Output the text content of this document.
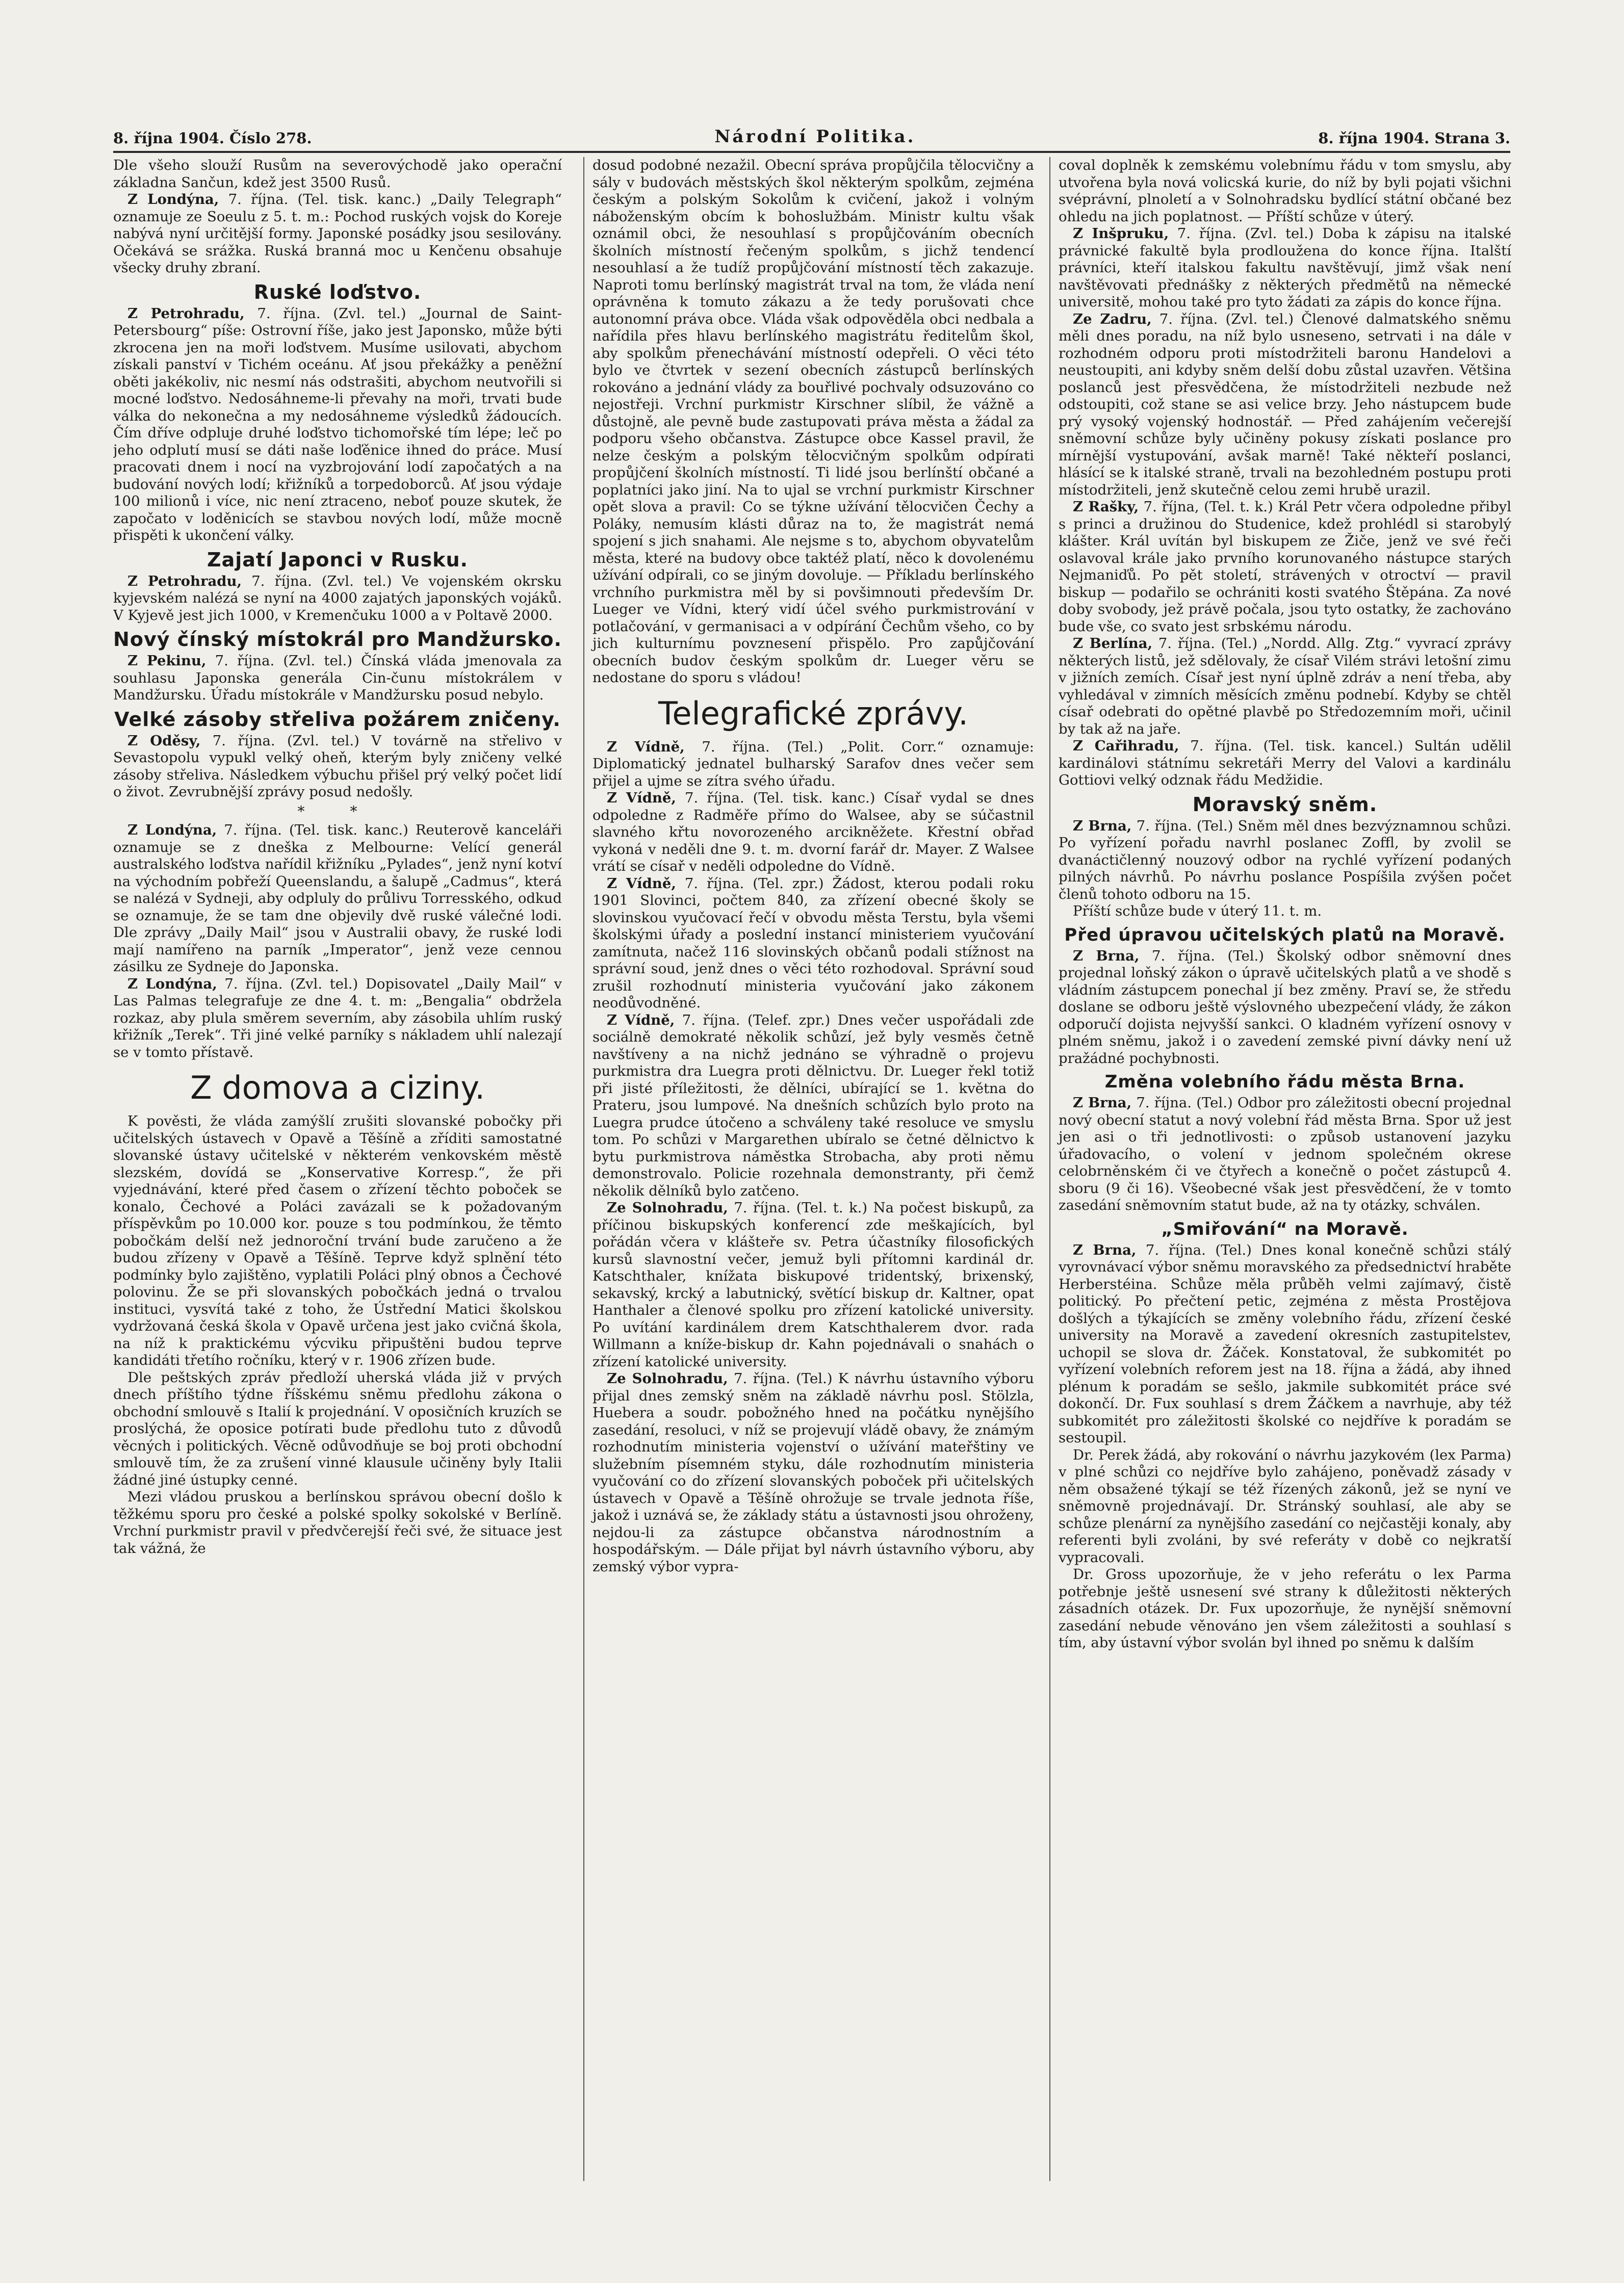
8. října 1904. Číslo 278.	Národní Politika.	8. října 1904. Strana 3.

Dle všeho slouží Rusům na severovýchodě jako operační základna Sančun, kdež jest 3500 Rusů.

Z Londýna, 7. října. (Tel. tisk. kanc.) „Daily Telegraph“ oznamuje ze Soeulu z 5. t. m.: Pochod ruských vojsk do Koreje nabývá nyní určitější formy. Japonské posádky jsou sesilovány. Očekává se srážka. Ruská branná moc u Kenčenu obsahuje všecky druhy zbraní.

Ruské loďstvo.

Z Petrohradu, 7. října. (Zvl. tel.) „Journal de Saint-Petersbourg“ píše: Ostrovní říše, jako jest Japonsko, může býti zkrocena jen na moři loďstvem. Musíme usilovati, abychom získali panství v Tichém oceánu. Ať jsou překážky a peněžní oběti jakékoliv, nic nesmí nás odstrašiti, abychom neutvořili si mocné loďstvo. Nedosáhneme-li převahy na moři, trvati bude válka do nekonečna a my nedosáhneme výsledků žádoucích. Čím dříve odpluje druhé loďstvo tichomořské tím lépe; leč po jeho odplutí musí se dáti naše loďěnice ihned do práce. Musí pracovati dnem i nocí na vyzbrojování lodí započatých a na budování nových lodí; křižníků a torpedoborců. Ať jsou výdaje 100 milionů i více, nic není ztraceno, neboť pouze skutek, že započato v loděnicích se stavbou nových lodí, může mocně přispěti k ukončení války.

Zajatí Japonci v Rusku.

Z Petrohradu, 7. října. (Zvl. tel.) Ve vojenském okrsku kyjevském nalézá se nyní na 4000 zajatých japonských vojáků. V Kyjevě jest jich 1000, v Kremenčuku 1000 a v Poltavě 2000.

Nový čínský místokrál pro Mandžursko.

Z Pekinu, 7. října. (Zvl. tel.) Čínská vláda jmenovala za souhlasu Japonska generála Cin-čunu místokrálem v Mandžursku. Úřadu místokrále v Mandžursku posud nebylo.

Velké zásoby střeliva požárem zničeny.

Z Oděsy, 7. října. (Zvl. tel.) V továrně na střelivo v Sevastopolu vypukl velký oheň, kterým byly zničeny velké zásoby střeliva. Následkem výbuchu přišel prý velký počet lidí o život. Zevrubnější zprávy posud nedošly.

* *

Z Londýna, 7. října. (Tel. tisk. kanc.) Reuterově kanceláři oznamuje se z dneška z Melbourne: Velící generál australského loďstva nařídil křižníku „Pylades“, jenž nyní kotví na východním pobřeží Queenslandu, a šalupě „Cadmus“, která se nalézá v Sydneji, aby odpluly do průlivu Torresského, odkud se oznamuje, že se tam dne objevily dvě ruské válečné lodi. Dle zprávy „Daily Mail“ jsou v Australii obavy, že ruské lodi mají namířeno na parník „Imperator“, jenž veze cennou zásilku ze Sydneje do Japonska.

Z Londýna, 7. října. (Zvl. tel.) Dopisovatel „Daily Mail“ v Las Palmas telegrafuje ze dne 4. t. m: „Bengalia“ obdržela rozkaz, aby plula směrem severním, aby zásobila uhlím ruský křižník „Terek“. Tři jiné velké parníky s nákladem uhlí nalezají se v tomto přístavě.

Z domova a ciziny.

K pověsti, že vláda zamýšlí zrušiti slovanské pobočky při učitelských ústavech v Opavě a Těšíně a zříditi samostatné slovanské ústavy učitelské v některém venkovském městě slezském, dovídá se „Konservative Korresp.“, že při vyjednávání, které před časem o zřízení těchto poboček se konalo, Čechové a Poláci zavázali se k požadovaným příspěvkům po 10.000 kor. pouze s tou podmínkou, že těmto pobočkám delší než jednoroční trvání bude zaručeno a že budou zřízeny v Opavě a Těšíně. Teprve když splnění této podmínky bylo zajištěno, vyplatili Poláci plný obnos a Čechové polovinu. Že se při slovanských pobočkách jedná o trvalou instituci, vysvítá také z toho, že Ústřední Matici školskou vydržovaná česká škola v Opavě určena jest jako cvičná škola, na níž k praktickému výcviku připuštěni budou teprve kandidáti třetího ročníku, který v r. 1906 zřízen bude.

Dle peštských zpráv předloží uherská vláda již v prvých dnech příštího týdne říšskému sněmu předlohu zákona o obchodní smlouvě s Italií k projednání. V oposičních kruzích se proslýchá, že oposice potírati bude předlohu tuto z důvodů věcných i politických. Věcně odůvodňuje se boj proti obchodní smlouvě tím, že za zrušení vinné klausule učiněny byly Italii žádné jiné ústupky cenné.

Mezi vládou pruskou a berlínskou správou obecní došlo k těžkému sporu pro české a polské spolky sokolské v Berlíně. Vrchní purkmistr pravil v předvčerejší řeči své, že situace jest tak vážná, že

dosud podobné nezažil. Obecní správa propůjčila tělocvičny a sály v budovách městských škol některým spolkům, zejména českým a polským Sokolům k cvičení, jakož i volným náboženským obcím k bohoslužbám. Ministr kultu však oznámil obci, že nesouhlasí s propůjčováním obecních školních místností řečeným spolkům, s jichž tendencí nesouhlasí a že tudíž propůjčování místností těch zakazuje. Naproti tomu berlínský magistrát trval na tom, že vláda není oprávněna k tomuto zákazu a že tedy porušovati chce autonomní práva obce. Vláda však odpověděla obci nedbala a nařídila přes hlavu berlínského magistrátu ředitelům škol, aby spolkům přenechávání místností odepřeli. O věci této bylo ve čtvrtek v sezení obecních zástupců berlínských rokováno a jednání vlády za bouřlivé pochvaly odsuzováno co nejostřeji. Vrchní purkmistr Kirschner slíbil, že vážně a důstojně, ale pevně bude zastupovati práva města a žádal za podporu všeho občanstva. Zástupce obce Kassel pravil, že nelze českým a polským tělocvičným spolkům odpírati propůjčení školních místností. Ti lidé jsou berlínští občané a poplatníci jako jiní. Na to ujal se vrchní purkmistr Kirschner opět slova a pravil: Co se týkne užívání tělocvičen Čechy a Poláky, nemusím klásti důraz na to, že magistrát nemá spojení s jich snahami. Ale nejsme s to, abychom obyvatelům města, které na budovy obce taktéž platí, něco k dovolenému užívání odpírali, co se jiným dovoluje. — Příkladu berlínského vrchního purkmistra měl by si povšimnouti především Dr. Lueger ve Vídni, který vidí účel svého purkmistrování v potlačování, v germanisaci a v odpírání Čechům všeho, co by jich kulturnímu povznesení přispělo. Pro zapůjčování obecních budov českým spolkům dr. Lueger věru se nedostane do sporu s vládou!

Telegrafické zprávy.

Z Vídně, 7. října. (Tel.) „Polit. Corr.“ oznamuje: Diplomatický jednatel bulharský Sarafov dnes večer sem přijel a ujme se zítra svého úřadu.

Z Vídně, 7. října. (Tel. tisk. kanc.) Císař vydal se dnes odpoledne z Radměře přímo do Walsee, aby se súčastnil slavného křtu novorozeného arcikněžete. Křestní obřad vykoná v neděli dne 9. t. m. dvorní farář dr. Mayer. Z Walsee vrátí se císař v neděli odpoledne do Vídně.

Z Vídně, 7. října. (Tel. zpr.) Žádost, kterou podali roku 1901 Slovinci, počtem 840, za zřízení obecné školy se slovinskou vyučovací řečí v obvodu města Terstu, byla všemi školskými úřady a poslední instancí ministeriem vyučování zamítnuta, načež 116 slovinských občanů podali stížnost na správní soud, jenž dnes o věci této rozhodoval. Správní soud zrušil rozhodnutí ministeria vyučování jako zákonem neodůvodněné.

Z Vídně, 7. října. (Telef. zpr.) Dnes večer uspořádali zde sociálně demokraté několik schůzí, jež byly vesměs četně navštíveny a na nichž jednáno se výhradně o projevu purkmistra dra Luegra proti dělnictvu. Dr. Lueger řekl totiž při jisté příležitosti, že dělníci, ubírající se 1. května do Prateru, jsou lumpové. Na dnešních schůzích bylo proto na Luegra prudce útočeno a schváleny také resoluce ve smyslu tom. Po schůzi v Margarethen ubíralo se četné dělnictvo k bytu purkmistrova náměstka Strobacha, aby proti němu demonstrovalo. Policie rozehnala demonstranty, při čemž několik dělníků bylo zatčeno.

Ze Solnohradu, 7. října. (Tel. t. k.) Na počest biskupů, za příčinou biskupských konferencí zde meškajících, byl pořádán včera v klášteře sv. Petra účastníky filosofických kursů slavnostní večer, jemuž byli přítomni kardinál dr. Katschthaler, knížata biskupové tridentský, brixenský, sekavský, krcký a labutnický, světící biskup dr. Kaltner, opat Hanthaler a členové spolku pro zřízení katolické university. Po uvítání kardinálem drem Katschthalerem dvor. rada Willmann a kníže-biskup dr. Kahn pojednávali o snahách o zřízení katolické university.

Ze Solnohradu, 7. října. (Tel.) K návrhu ústavního výboru přijal dnes zemský sněm na základě návrhu posl. Stölzla, Huebera a soudr. pobožného hned na počátku nynějšího zasedání, resoluci, v níž se projevují vládě obavy, že známým rozhodnutím ministeria vojenství o užívání mateřštiny ve služebním písemném styku, dále rozhodnutím ministeria vyučování co do zřízení slovanských poboček při učitelských ústavech v Opavě a Těšíně ohrožuje se trvale jednota říše, jakož i uznává se, že základy státu a ústavnosti jsou ohroženy, nejdou-li za zástupce občanstva národnostním a hospodářským. — Dále přijat byl návrh ústavního výboru, aby zemský výbor vypra-

coval doplněk k zemskému volebnímu řádu v tom smyslu, aby utvořena byla nová volicská kurie, do níž by byli pojati všichni svéprávní, plnoletí a v Solnohradsku bydlící státní občané bez ohledu na jich poplatnost. — Příští schůze v úterý.

Z Inšpruku, 7. října. (Zvl. tel.) Doba k zápisu na italské právnické fakultě byla prodloužena do konce října. Italští právníci, kteří italskou fakultu navštěvují, jimž však není navštěvovati přednášky z některých předmětů na německé universitě, mohou také pro tyto žádati za zápis do konce října.

Ze Zadru, 7. října. (Zvl. tel.) Členové dalmatského sněmu měli dnes poradu, na níž bylo usneseno, setrvati i na dále v rozhodném odporu proti místodržiteli baronu Handelovi a neustoupiti, ani kdyby sněm delší dobu zůstal uzavřen. Většina poslanců jest přesvědčena, že místodržiteli nezbude než odstoupiti, což stane se asi velice brzy. Jeho nástupcem bude prý vysoký vojenský hodnostář. — Před zahájením večerejší sněmovní schůze byly učiněny pokusy získati poslance pro mírnější vystupování, avšak marně! Také někteří poslanci, hlásící se k italské straně, trvali na bezohledném postupu proti místodržiteli, jenž skutečně celou zemi hrubě urazil.

Z Rašky, 7. října, (Tel. t. k.) Král Petr včera odpoledne přibyl s princi a družinou do Studenice, kdež prohlédl si starobylý klášter. Král uvítán byl biskupem ze Žiče, jenž ve své řeči oslavoval krále jako prvního korunovaného nástupce starých Nejmaniďů. Po pět století, strávených v otroctví — pravil biskup — podařilo se ochrániti kosti svatého Štěpána. Za nové doby svobody, jež právě počala, jsou tyto ostatky, že zachováno bude vše, co svato jest srbskému národu.

Z Berlína, 7. října. (Tel.) „Nordd. Allg. Ztg.“ vyvrací zprávy některých listů, jež sdělovaly, že císař Vilém strávi letošní zimu v jižních zemích. Císař jest nyní úplně zdráv a není třeba, aby vyhledával v zimních měsících změnu podnebí. Kdyby se chtěl císař odebrati do opětné plavbě po Středozemním moři, učinil by tak až na jaře.

Z Cařihradu, 7. října. (Tel. tisk. kancel.) Sultán udělil kardinálovi státnímu sekretáři Merry del Valovi a kardinálu Gottiovi velký odznak řádu Medžidie.

Moravský sněm.

Z Brna, 7. října. (Tel.) Sněm měl dnes bezvýznamnou schůzi. Po vyřízení pořadu navrhl poslanec Zoffl, by zvolil se dvanáctičlenný nouzový odbor na rychlé vyřízení podaných pilných návrhů. Po návrhu poslance Pospíšila zvýšen počet členů tohoto odboru na 15.

Příští schůze bude v úterý 11. t. m.

Před úpravou učitelských platů na Moravě.

Z Brna, 7. října. (Tel.) Školský odbor sněmovní dnes projednal loňský zákon o úpravě učitelských platů a ve shodě s vládním zástupcem ponechal jí bez změny. Praví se, že středu doslane se odboru ještě výslovného ubezpečení vlády, že zákon odporučí dojista nejvyšší sankci. O kladném vyřízení osnovy v plném sněmu, jakož i o zavedení zemské pivní dávky není už pražádné pochybnosti.

Změna volebního řádu města Brna.

Z Brna, 7. října. (Tel.) Odbor pro záležitosti obecní projednal nový obecní statut a nový volební řád města Brna. Spor už jest jen asi o tři jednotlivosti: o způsob ustanovení jazyku úřadovacího, o volení v jednom společném okrese celobrněnském či ve čtyřech a konečně o počet zástupců 4. sboru (9 či 16). Všeobecné však jest přesvědčení, že v tomto zasedání sněmovním statut bude, až na ty otázky, schválen.

„Smiřování“ na Moravě.

Z Brna, 7. října. (Tel.) Dnes konal konečně schůzi stálý vyrovnávací výbor sněmu moravského za předsednictví hraběte Herberstéina. Schůze měla průběh velmi zajímavý, čistě politický. Po přečtení petic, zejména z města Prostějova došlých a týkajících se změny volebního řádu, zřízení české university na Moravě a zavedení okresních zastupitelstev, uchopil se slova dr. Žáček. Konstatoval, že subkomitét po vyřízení volebních reforem jest na 18. října a žádá, aby ihned plénum k poradám se sešlo, jakmile subkomitét práce své dokončí. Dr. Fux souhlasí s drem Žáčkem a navrhuje, aby též subkomitét pro záležitosti školské co nejdříve k poradám se sestoupil.

Dr. Perek žádá, aby rokování o návrhu jazykovém (lex Parma) v plné schůzi co nejdříve bylo zahájeno, poněvadž zásady v něm obsažené týkají se též řízených zákonů, jež se nyní ve sněmovně projednávají. Dr. Stránský souhlasí, ale aby se schůze plenární za nynějšího zasedání co nejčastěji konaly, aby referenti byli zvoláni, by své referáty v době co nejkratší vypracovali.

Dr. Gross upozorňuje, že v jeho referátu o lex Parma potřebnje ještě usnesení své strany k důležitosti některých zásadních otázek. Dr. Fux upozorňuje, že nynější sněmovní zasedání nebude věnováno jen všem záležitosti a souhlasí s tím, aby ústavní výbor svolán byl ihned po sněmu k dalším
